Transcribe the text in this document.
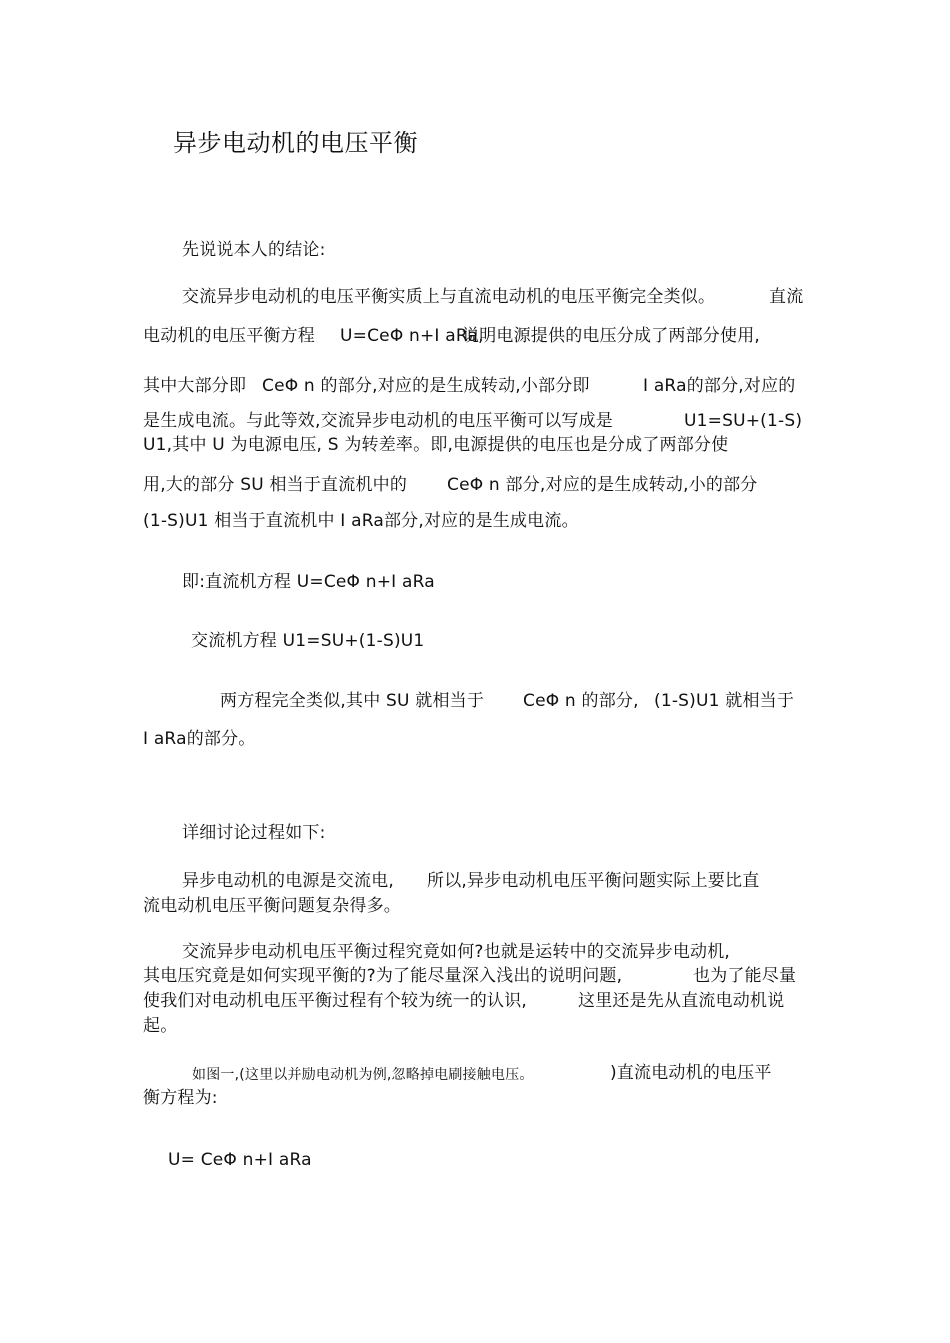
异步电动机的电压平衡
先说说本人的结论:
交流异步电动机的电压平衡实质上与直流电动机的电压平衡完全类似。	直流
电动机的电压平衡方程 U=CeΦ n+I aRa,
说明电源提供的电压分成了两部分使用,
其中大部分即 CeΦ n 的部分,对应的是生成转动,小部分即	I aRa的部分,对应的
是生成电流。与此等效,交流异步电动机的电压平衡可以写成是	U1=SU+(1-S)
U1,其中 U 为电源电压, S 为转差率。即,电源提供的电压也是分成了两部分使
用,大的部分 SU 相当于直流机中的 CeΦ n 部分,对应的是生成转动,小的部分
(1-S)U1 相当于直流机中 I aRa部分,对应的是生成电流。
即:直流机方程 U=CeΦ n+I aRa
交流机方程 U1=SU+(1-S)U1
两方程完全类似,其中 SU 就相当于 CeΦ n 的部分, (1-S)U1 就相当于
I aRa的部分。
详细讨论过程如下:
异步电动机的电源是交流电, 所以,异步电动机电压平衡问题实际上要比直
流电动机电压平衡问题复杂得多。
交流异步电动机电压平衡过程究竟如何?也就是运转中的交流异步电动机,
其电压究竟是如何实现平衡的?为了能尽量深入浅出的说明问题,	也为了能尽量
使我们对电动机电压平衡过程有个较为统一的认识,	这里还是先从直流电动机说
起。
如图一,(这里以并励电动机为例,忽略掉电刷接触电压。	)直流电动机的电压平
衡方程为:
U= CeΦ n+I aRa
